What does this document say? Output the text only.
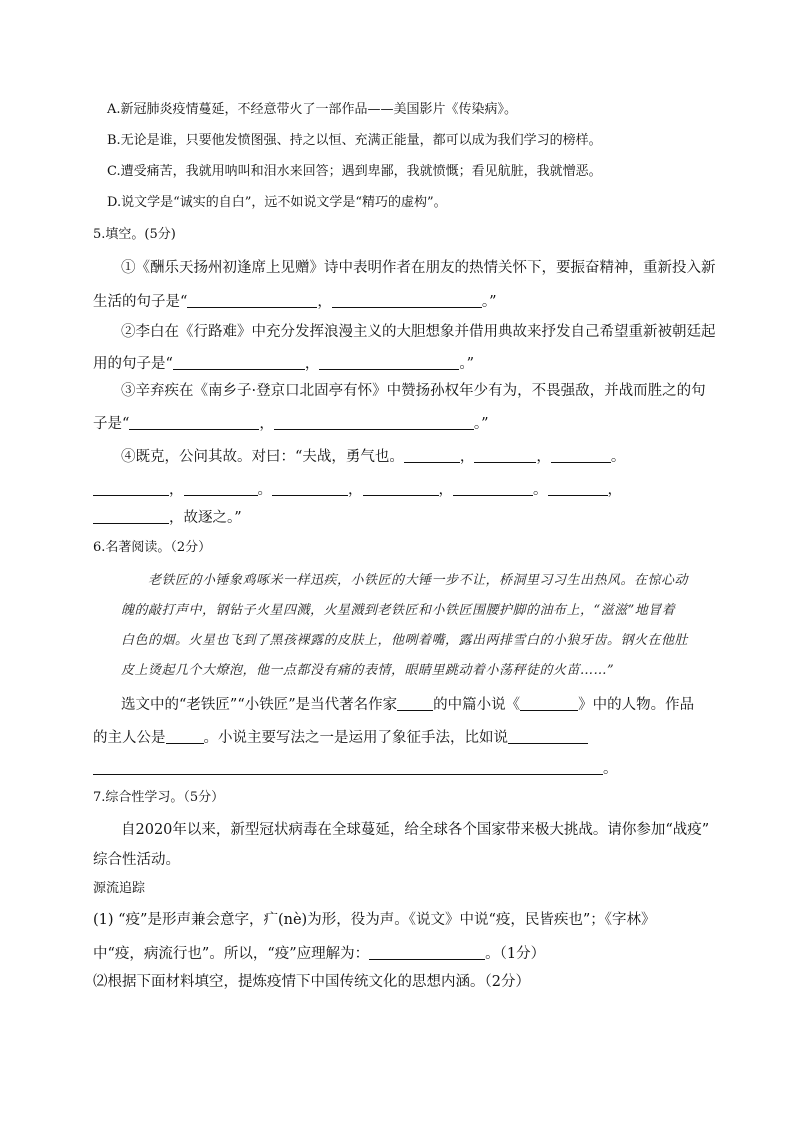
A.新冠肺炎疫情蔓延，不经意带火了一部作品——美国影片《传染病》。
B.无论是谁，只要他发愤图强、持之以恒、充满正能量，都可以成为我们学习的榜样。
C.遭受痛苦，我就用呐叫和泪水来回答；遇到卑鄙，我就愤慨；看见航脏，我就憎恶。
D.说文学是“诚实的自白”，远不如说文学是“精巧的虚构”。
5.填空。(5分)
①《酬乐天扬州初逢席上见赠》诗中表明作者在朋友的热情关怀下，要振奋精神，重新投入新
生活的句子是“	，	。”
②李白在《行路难》中充分发挥浪漫主义的大胆想象并借用典故来抒发自己希望重新被朝廷起
用的句子是“	，	。”
③辛弃疾在《南乡子·登京口北固亭有怀》中赞扬孙权年少有为，不畏强敌，并战而胜之的句
子是“	，	。”
④既克，公问其故。对曰：“夫战，勇气也。	，	，	。
，	。	，	，	。	，
，故逐之。”
6.名著阅读。（2分）
老铁匠的小锤象鸡啄米一样迅疾，小铁匠的大锤一步不让，桥洞里习习生出热风。在惊心动
魄的敲打声中，钢钻子火星四溅，火星溅到老铁匠和小铁匠围腰护脚的油布上，“滋滋”地冒着
白色的烟。火星也飞到了黑孩裸露的皮肤上，他咧着嘴，露出两排雪白的小狼牙齿。钢火在他肚
皮上烫起几个大燎泡，他一点都没有痛的表情，眼睛里跳动着小荡秤徒的火苗……”
选文中的“老铁匠”“小铁匠”是当代著名作家 的中篇小说《	》中的人物。作品
的主人公是	。小说主要写法之一是运用了象征手法，比如说
。
7.综合性学习。（5分）
自2020年以来，新型冠状病毒在全球蔓延，给全球各个国家带来极大挑战。请你参加“战疫”
综合性活动。
源流追踪
(1) “疫”是形声兼会意字，疒(nè)为形，役为声。《说文》中说“疫，民皆疾也”；《字林》
中“疫，病流行也”。所以，“疫”应理解为：	。（1分）
⑵根据下面材料填空，提炼疫情下中国传统文化的思想内涵。（2分）
